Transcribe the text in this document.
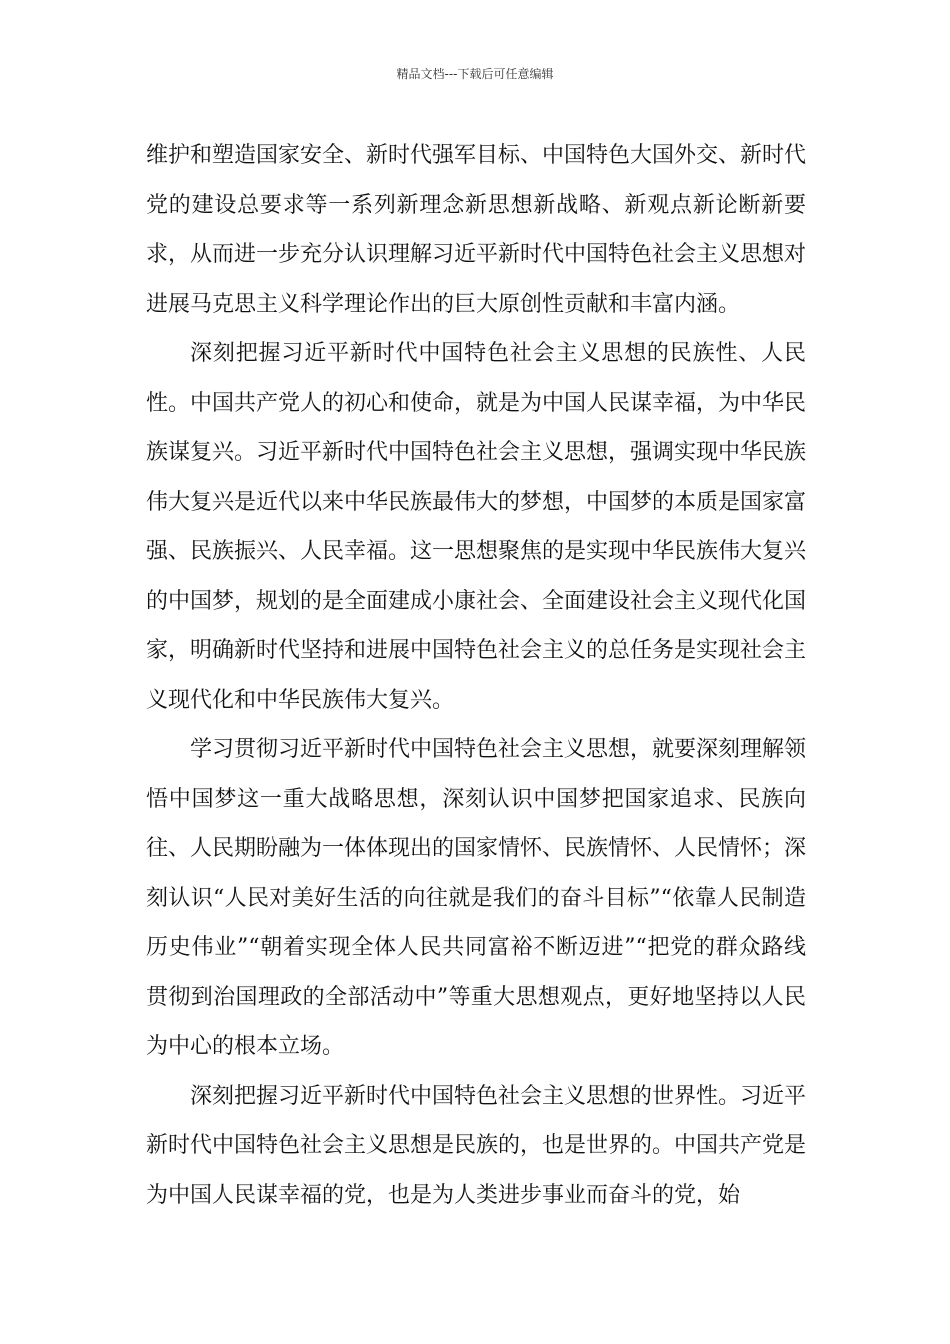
精品文档---下载后可任意编辑

维护和塑造国家安全、新时代强军目标、中国特色大国外交、新时代党的建设总要求等一系列新理念新思想新战略、新观点新论断新要求，从而进一步充分认识理解习近平新时代中国特色社会主义思想对进展马克思主义科学理论作出的巨大原创性贡献和丰富内涵。

深刻把握习近平新时代中国特色社会主义思想的民族性、人民性。中国共产党人的初心和使命，就是为中国人民谋幸福，为中华民族谋复兴。习近平新时代中国特色社会主义思想，强调实现中华民族伟大复兴是近代以来中华民族最伟大的梦想，中国梦的本质是国家富强、民族振兴、人民幸福。这一思想聚焦的是实现中华民族伟大复兴的中国梦，规划的是全面建成小康社会、全面建设社会主义现代化国家，明确新时代坚持和进展中国特色社会主义的总任务是实现社会主义现代化和中华民族伟大复兴。

学习贯彻习近平新时代中国特色社会主义思想，就要深刻理解领悟中国梦这一重大战略思想，深刻认识中国梦把国家追求、民族向往、人民期盼融为一体体现出的国家情怀、民族情怀、人民情怀；深刻认识“人民对美好生活的向往就是我们的奋斗目标”“依靠人民制造历史伟业”“朝着实现全体人民共同富裕不断迈进”“把党的群众路线贯彻到治国理政的全部活动中”等重大思想观点，更好地坚持以人民为中心的根本立场。

深刻把握习近平新时代中国特色社会主义思想的世界性。习近平新时代中国特色社会主义思想是民族的，也是世界的。中国共产党是为中国人民谋幸福的党，也是为人类进步事业而奋斗的党，始
